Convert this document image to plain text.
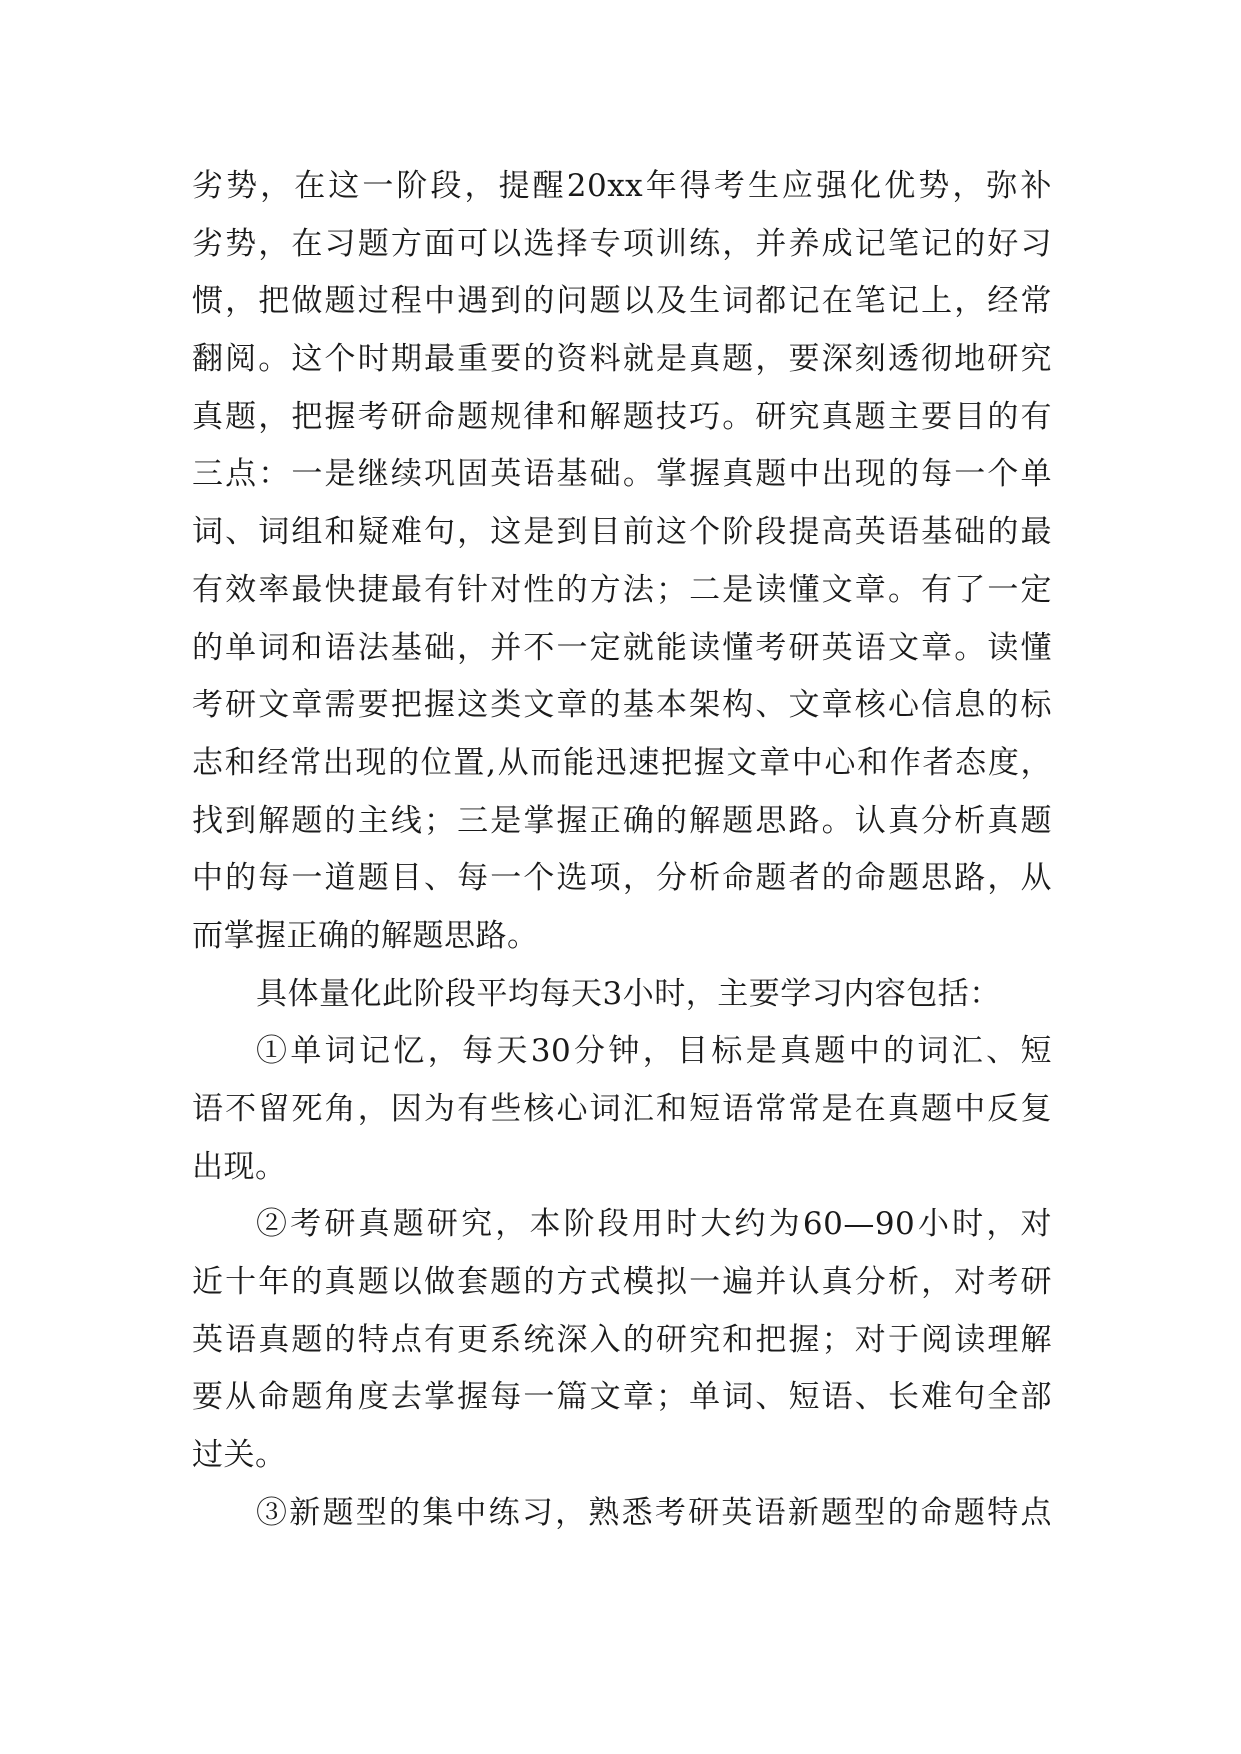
劣势，在这一阶段，提醒20xx年得考生应强化优势，弥补
劣势，在习题方面可以选择专项训练，并养成记笔记的好习
惯，把做题过程中遇到的问题以及生词都记在笔记上，经常
翻阅。这个时期最重要的资料就是真题，要深刻透彻地研究
真题，把握考研命题规律和解题技巧。研究真题主要目的有
三点：一是继续巩固英语基础。掌握真题中出现的每一个单
词、词组和疑难句，这是到目前这个阶段提高英语基础的最
有效率最快捷最有针对性的方法；二是读懂文章。有了一定
的单词和语法基础，并不一定就能读懂考研英语文章。读懂
考研文章需要把握这类文章的基本架构、文章核心信息的标
志和经常出现的位置,从而能迅速把握文章中心和作者态度，
找到解题的主线；三是掌握正确的解题思路。认真分析真题
中的每一道题目、每一个选项，分析命题者的命题思路，从
而掌握正确的解题思路。
具体量化此阶段平均每天3小时，主要学习内容包括：
①单词记忆，每天30分钟，目标是真题中的词汇、短
语不留死角，因为有些核心词汇和短语常常是在真题中反复
出现。
②考研真题研究，本阶段用时大约为60—90小时，对
近十年的真题以做套题的方式模拟一遍并认真分析，对考研
英语真题的特点有更系统深入的研究和把握；对于阅读理解
要从命题角度去掌握每一篇文章；单词、短语、长难句全部
过关。
③新题型的集中练习，熟悉考研英语新题型的命题特点
